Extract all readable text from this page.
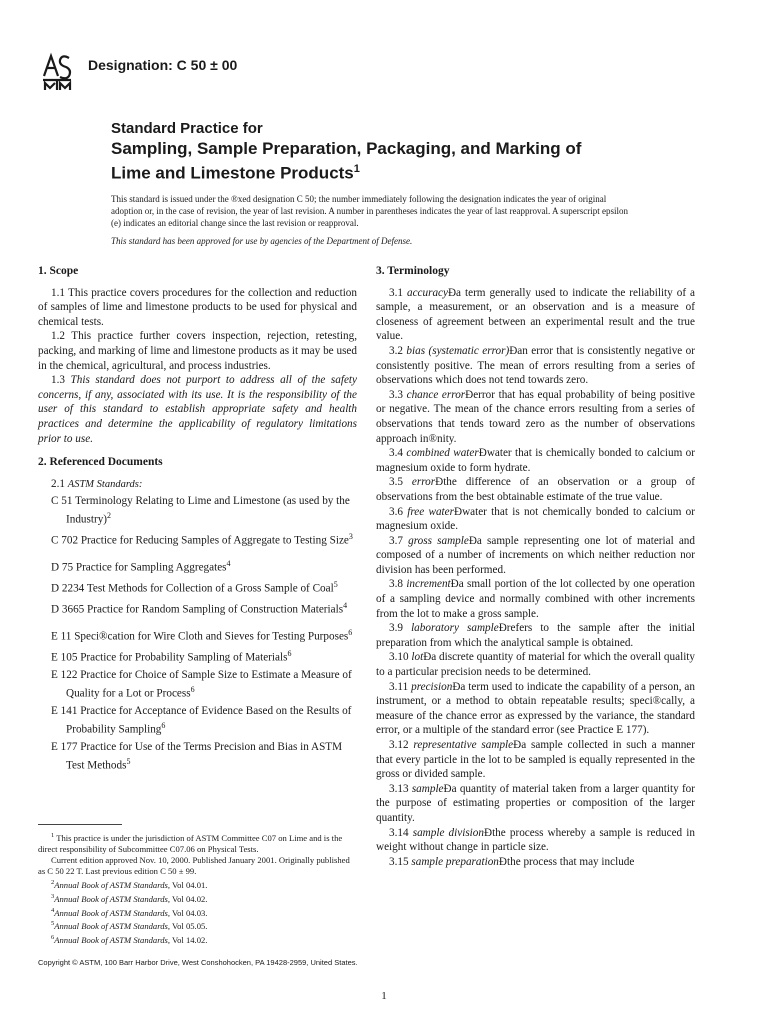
Designation: C 50 ± 00
Standard Practice for
Sampling, Sample Preparation, Packaging, and Marking of
Lime and Limestone Products$^1$
This standard is issued under the ®xed designation C 50; the number immediately following the designation indicates the year of original adoption or, in the case of revision, the year of last revision. A number in parentheses indicates the year of last reapproval. A superscript epsilon (e) indicates an editorial change since the last revision or reapproval.
This standard has been approved for use by agencies of the Department of Defense.
1. Scope

1.1 This practice covers procedures for the collection and reduction of samples of lime and limestone products to be used for physical and chemical tests.

1.2 This practice further covers inspection, rejection, retesting, packing, and marking of lime and limestone products as it may be used in the chemical, agricultural, and process industries.

1.3 This standard does not purport to address all of the safety concerns, if any, associated with its use. It is the responsibility of the user of this standard to establish appropriate safety and health practices and determine the applicability of regulatory limitations prior to use.

2. Referenced Documents
2.1 ASTM Standards:
C 51 Terminology Relating to Lime and Limestone (as used by the Industry)$^2$
C 702 Practice for Reducing Samples of Aggregate to Testing Size$^3$
D 75 Practice for Sampling Aggregates$^4$
D 2234 Test Methods for Collection of a Gross Sample of Coal$^5$
D 3665 Practice for Random Sampling of Construction Materials$^4$
E 11 Speci®cation for Wire Cloth and Sieves for Testing Purposes$^6$
E 105 Practice for Probability Sampling of Materials$^6$
E 122 Practice for Choice of Sample Size to Estimate a Measure of Quality for a Lot or Process$^6$
E 141 Practice for Acceptance of Evidence Based on the Results of Probability Sampling$^6$
E 177 Practice for Use of the Terms Precision and Bias in ASTM Test Methods$^5$

$^1$ This practice is under the jurisdiction of ASTM Committee C07 on Lime and is the direct responsibility of Subcommittee C07.06 on Physical Tests.

Current edition approved Nov. 10, 2000. Published January 2001. Originally published as C 50 22 T. Last previous edition C 50 ± 99.

$^2$Annual Book of ASTM Standards, Vol 04.01.

$^3$Annual Book of ASTM Standards, Vol 04.02.

$^4$Annual Book of ASTM Standards, Vol 04.03.

$^5$Annual Book of ASTM Standards, Vol 05.05.

$^6$Annual Book of ASTM Standards, Vol 14.02.

3. Terminology

3.1 accuracyÐa term generally used to indicate the reliability of a sample, a measurement, or an observation and is a measure of closeness of agreement between an experimental result and the true value.

3.2 bias (systematic error)Ðan error that is consistently negative or consistently positive. The mean of errors resulting from a series of observations which does not tend towards zero.

3.3 chance errorÐerror that has equal probability of being positive or negative. The mean of the chance errors resulting from a series of observations that tends toward zero as the number of observations approach in®nity.

3.4 combined waterÐwater that is chemically bonded to calcium or magnesium oxide to form hydrate.

3.5 errorÐthe difference of an observation or a group of observations from the best obtainable estimate of the true value.

3.6 free waterÐwater that is not chemically bonded to calcium or magnesium oxide.

3.7 gross sampleÐa sample representing one lot of material and composed of a number of increments on which neither reduction nor division has been performed.

3.8 incrementÐa small portion of the lot collected by one operation of a sampling device and normally combined with other increments from the lot to make a gross sample.

3.9 laboratory sampleÐrefers to the sample after the initial preparation from which the analytical sample is obtained.

3.10 lotÐa discrete quantity of material for which the overall quality to a particular precision needs to be determined.

3.11 precisionÐa term used to indicate the capability of a person, an instrument, or a method to obtain repeatable results; speci®cally, a measure of the chance error as expressed by the variance, the standard error, or a multiple of the standard error (see Practice E 177).

3.12 representative sampleÐa sample collected in such a manner that every particle in the lot to be sampled is equally represented in the gross or divided sample.

3.13 sampleÐa quantity of material taken from a larger quantity for the purpose of estimating properties or composition of the larger quantity.

3.14 sample divisionÐthe process whereby a sample is reduced in weight without change in particle size.

3.15 sample preparationÐthe process that may include

Copyright © ASTM, 100 Barr Harbor Drive, West Conshohocken, PA 19428-2959, United States.
1
